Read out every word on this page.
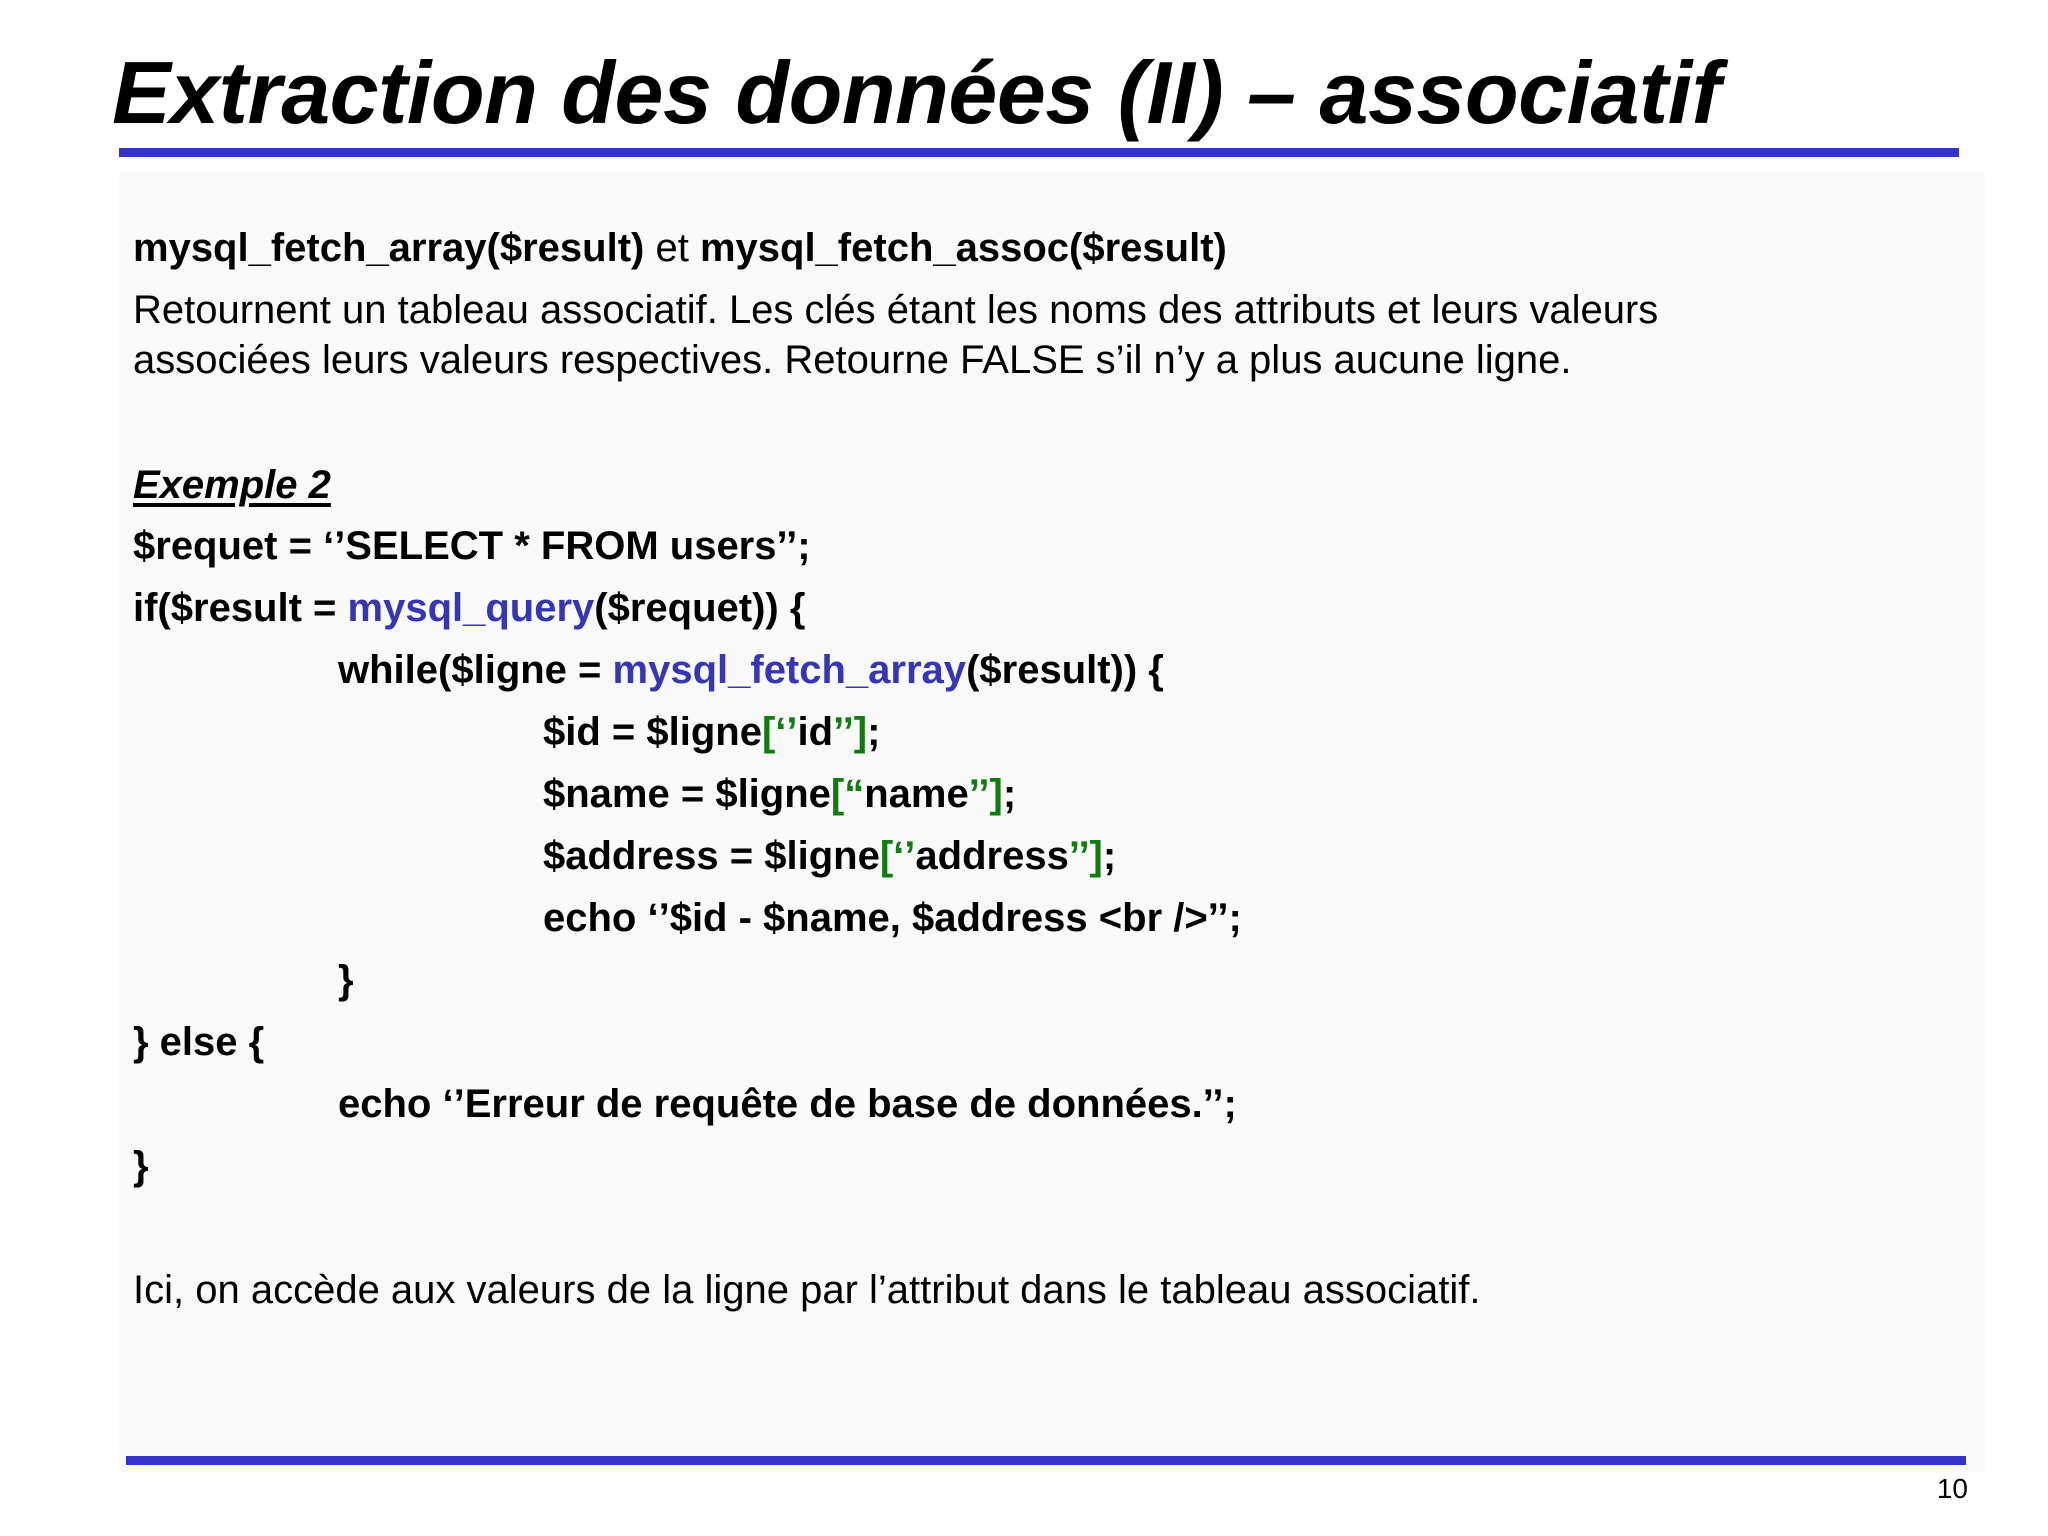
Extraction des données (II) – associatif
mysql_fetch_array($result) et mysql_fetch_assoc($result)
Retournent un tableau associatif. Les clés étant les noms des attributs et leurs valeurs
associées leurs valeurs respectives. Retourne FALSE s’il n’y a plus aucune ligne.
Exemple 2
$requet = ‘’SELECT * FROM users’’;
if($result = mysql_query($requet)) {
while($ligne = mysql_fetch_array($result)) {
$id = $ligne[‘’id’’];
$name = $ligne[“name’’];
$address = $ligne[‘’address’’];
echo ‘’$id - $name, $address <br />’’;
}
} else {
echo ‘’Erreur de requête de base de données.’’;
}
Ici, on accède aux valeurs de la ligne par l’attribut dans le tableau associatif.
10
